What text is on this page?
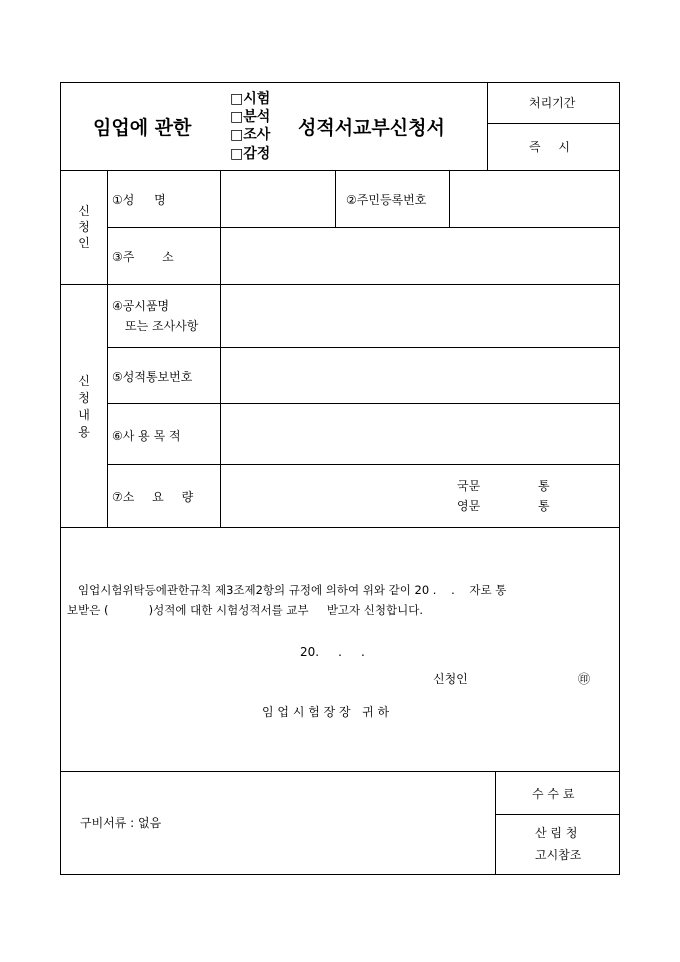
임업에 관한
□시험
□분석
□조사
□감정
성적서교부신청서
처리기간
즉 시
신청인
①성 명	②주민등록번호
③주 소
신청내용
④공시품명
또는 조사사항
⑤성적통보번호
⑥사 용 목 적
⑦소 요 량
국문	통
영문	통
임업시험위탁등에관한규칙 제3조제2항의 규정에 의하여 위와 같이 20 .    .    자로 통
보받은 (           )성적에 대한 시험성적서를 교부     받고자 신청합니다.
20.     .     .
신청인	㊞
임 업 시 험 장 장   귀 하
구비서류 : 없음
수 수 료
산 림 청
고시참조
